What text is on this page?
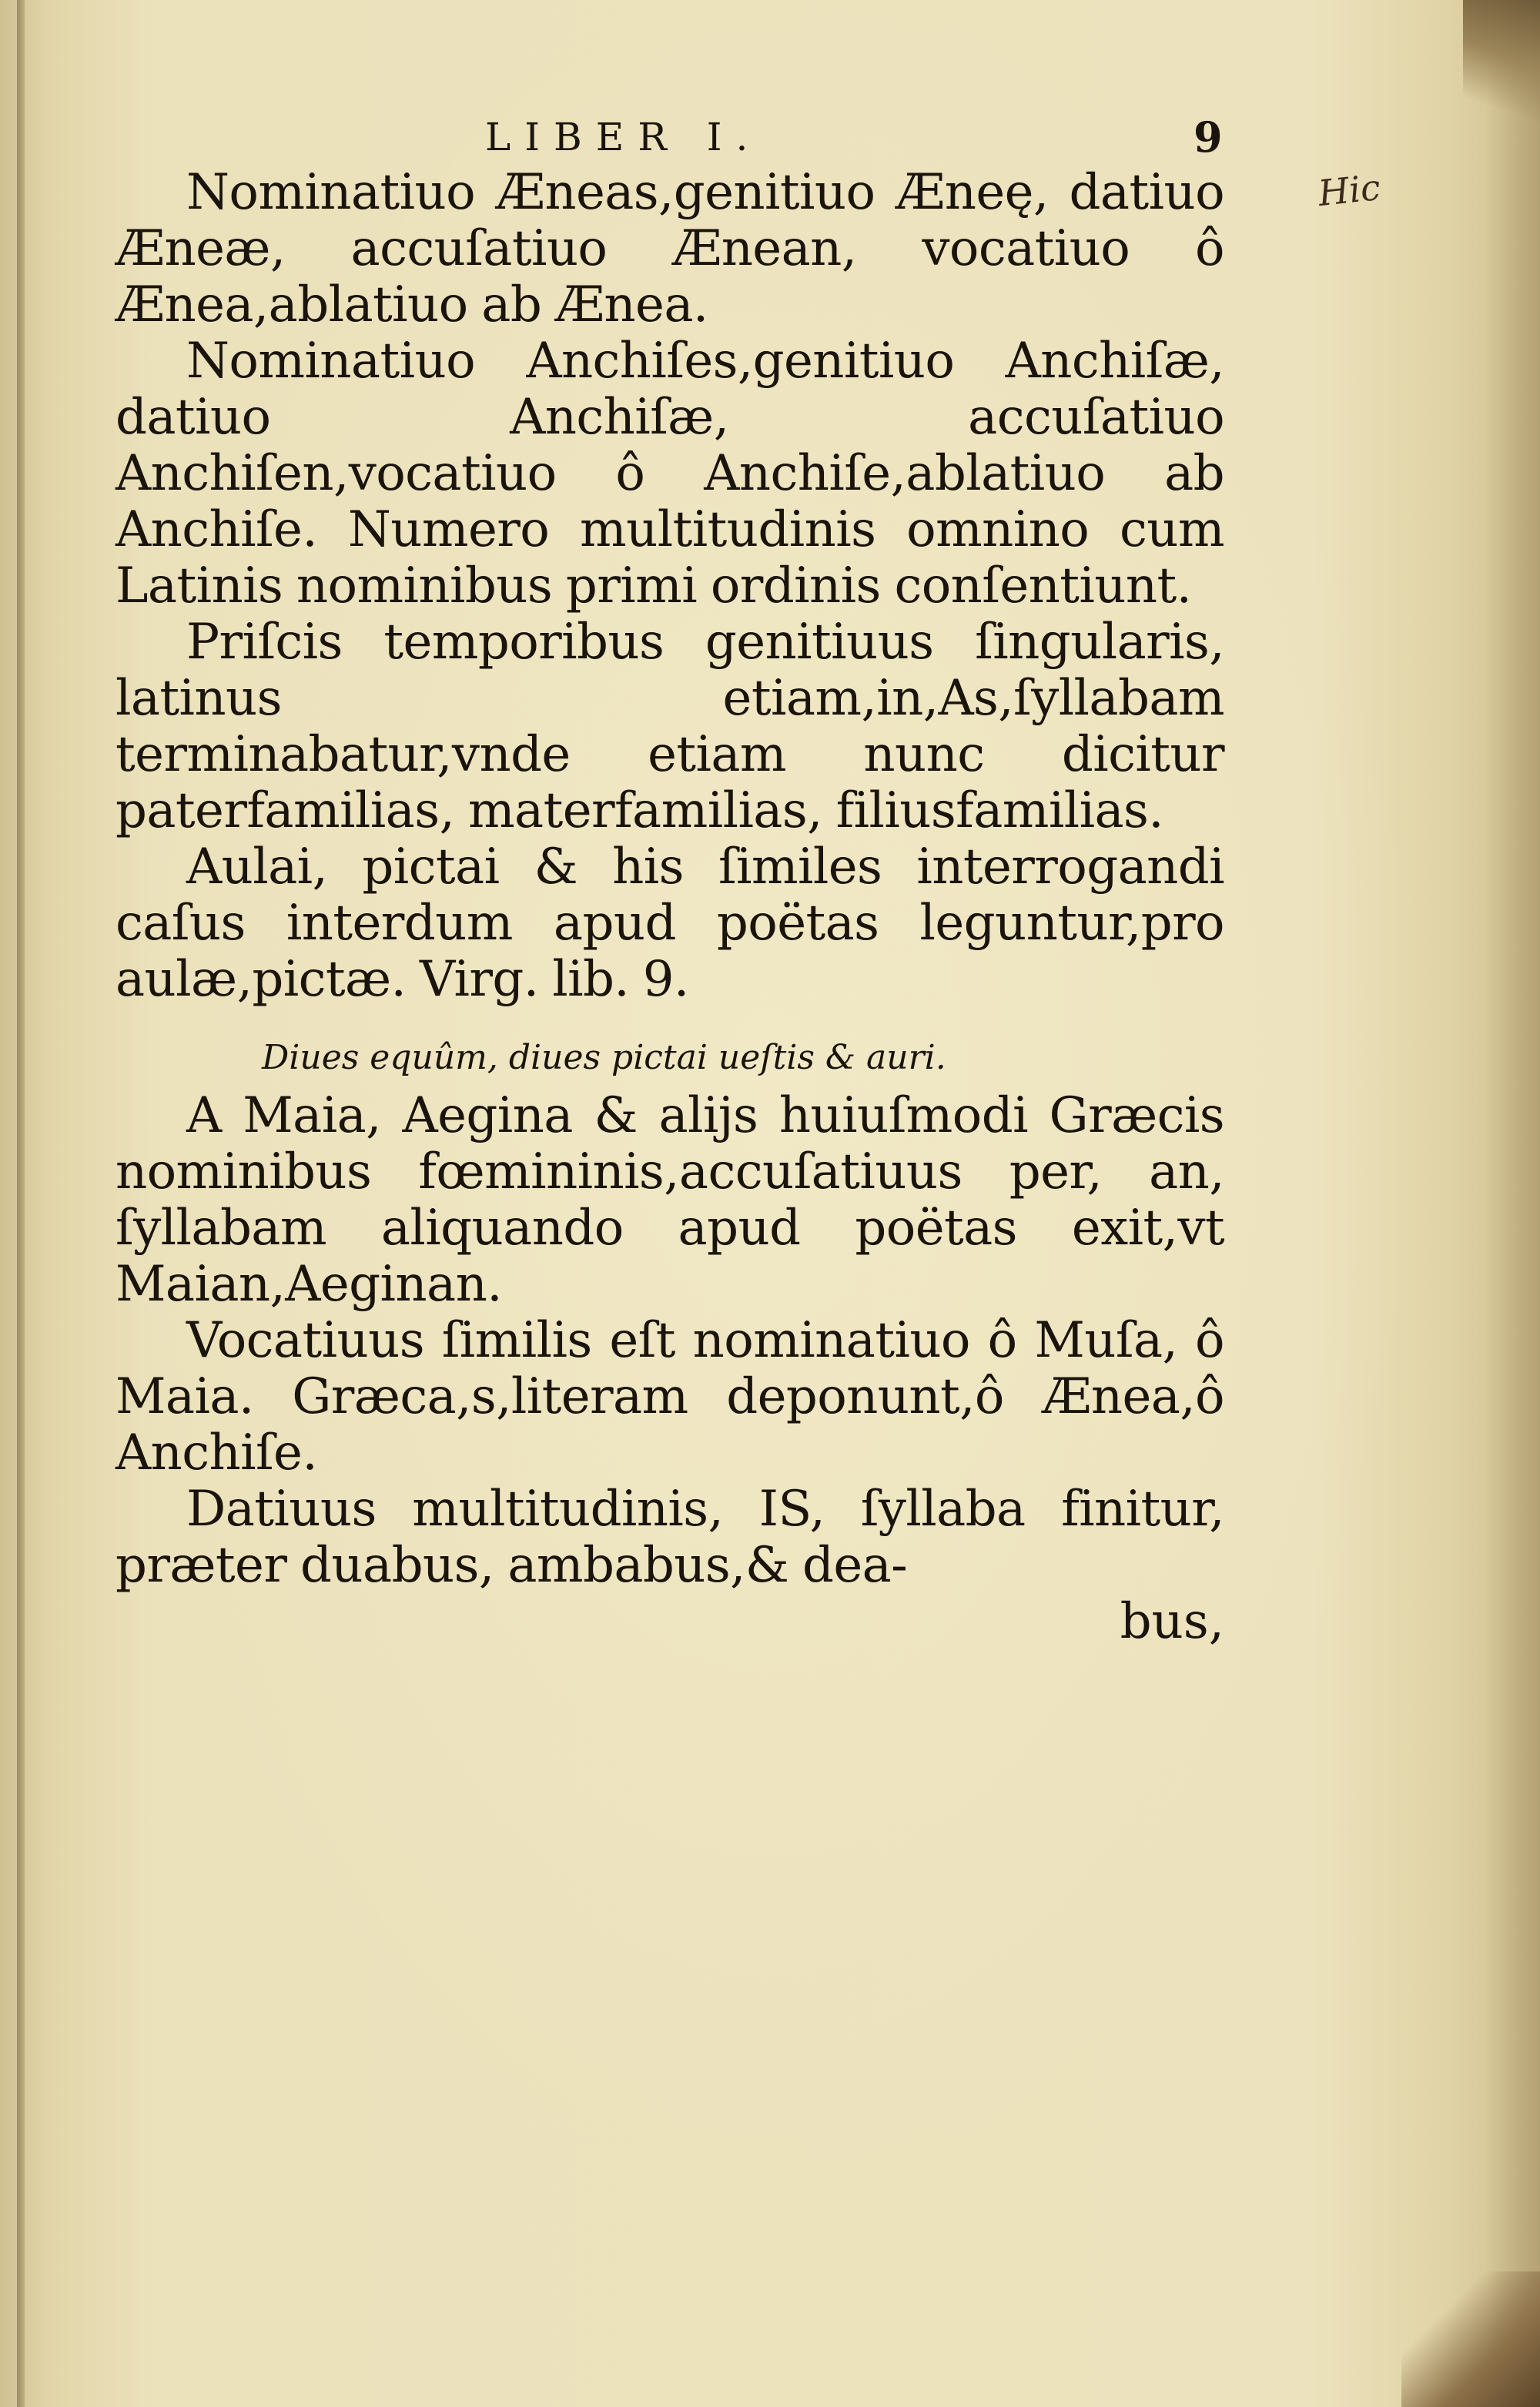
LIBER I.	9
Hic

Nominatiuo Æneas,genitiuo Æneę, datiuo Æneæ, accuſatiuo Ænean, vocatiuo ô Ænea,ablatiuo ab Ænea.

Nominatiuo Anchiſes,genitiuo Anchiſæ, datiuo Anchiſæ, accuſatiuo Anchiſen,vocatiuo ô Anchiſe,ablatiuo ab Anchiſe. Numero multitudinis omnino cum Latinis nominibus primi ordinis conſentiunt.

Priſcis temporibus genitiuus ſingularis, latinus etiam,in,As,ſyllabam terminabatur,vnde etiam nunc dicitur paterfamilias, materfamilias, filiusfamilias.

Aulai, pictai & his ſimiles interrogandi caſus interdum apud poëtas leguntur,pro aulæ,pictæ. Virg. lib. 9.

Diues equûm, diues pictai ueſtis & auri.

A Maia, Aegina & alijs huiuſmodi Græcis nominibus fœmininis,accuſatiuus per, an, ſyllabam aliquando apud poëtas exit,vt Maian,Aeginan.

Vocatiuus ſimilis eſt nominatiuo ô Muſa, ô Maia. Græca,s,literam deponunt,ô Ænea,ô Anchiſe.

Datiuus multitudinis, IS, ſyllaba finitur, præter duabus, ambabus,& dea-

bus,
